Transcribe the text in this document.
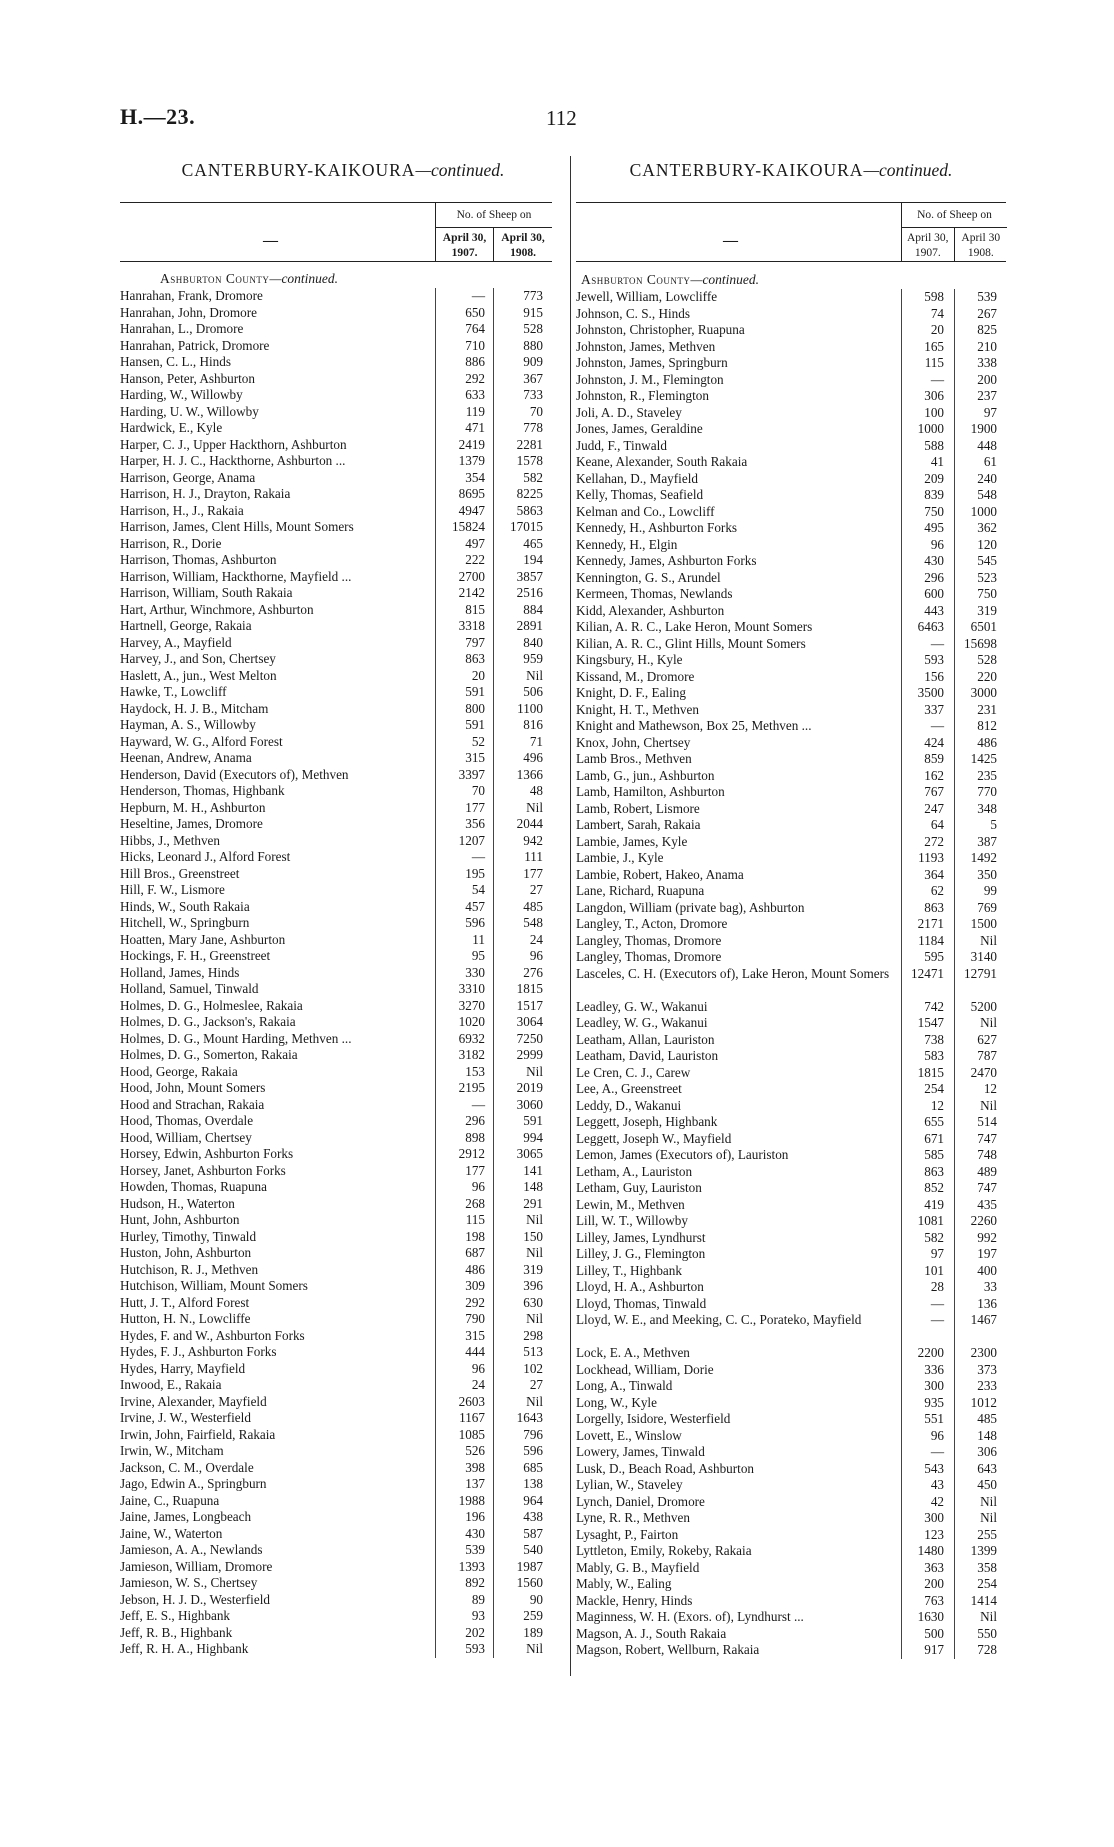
H.—23.	112
CANTERBURY-KAIKOURA—continued.
—
No. of Sheep on
April 30, 1907.
April 30, 1908.
Ashburton County—continued.
Hanrahan, Frank, Dromore	—	773
Hanrahan, John, Dromore	650	915
Hanrahan, L., Dromore	764	528
Hanrahan, Patrick, Dromore	710	880
Hansen, C. L., Hinds	886	909
Hanson, Peter, Ashburton	292	367
Harding, W., Willowby	633	733
Harding, U. W., Willowby	119	70
Hardwick, E., Kyle	471	778
Harper, C. J., Upper Hackthorn, Ashburton	2419	2281
Harper, H. J. C., Hackthorne, Ashburton ...	1379	1578
Harrison, George, Anama	354	582
Harrison, H. J., Drayton, Rakaia	8695	8225
Harrison, H., J., Rakaia	4947	5863
Harrison, James, Clent Hills, Mount Somers	15824	17015
Harrison, R., Dorie	497	465
Harrison, Thomas, Ashburton	222	194
Harrison, William, Hackthorne, Mayfield ...	2700	3857
Harrison, William, South Rakaia	2142	2516
Hart, Arthur, Winchmore, Ashburton	815	884
Hartnell, George, Rakaia	3318	2891
Harvey, A., Mayfield	797	840
Harvey, J., and Son, Chertsey	863	959
Haslett, A., jun., West Melton	20	Nil
Hawke, T., Lowcliff	591	506
Haydock, H. J. B., Mitcham	800	1100
Hayman, A. S., Willowby	591	816
Hayward, W. G., Alford Forest	52	71
Heenan, Andrew, Anama	315	496
Henderson, David (Executors of), Methven	3397	1366
Henderson, Thomas, Highbank	70	48
Hepburn, M. H., Ashburton	177	Nil
Heseltine, James, Dromore	356	2044
Hibbs, J., Methven	1207	942
Hicks, Leonard J., Alford Forest	—	111
Hill Bros., Greenstreet	195	177
Hill, F. W., Lismore	54	27
Hinds, W., South Rakaia	457	485
Hitchell, W., Springburn	596	548
Hoatten, Mary Jane, Ashburton	11	24
Hockings, F. H., Greenstreet	95	96
Holland, James, Hinds	330	276
Holland, Samuel, Tinwald	3310	1815
Holmes, D. G., Holmeslee, Rakaia	3270	1517
Holmes, D. G., Jackson's, Rakaia	1020	3064
Holmes, D. G., Mount Harding, Methven ...	6932	7250
Holmes, D. G., Somerton, Rakaia	3182	2999
Hood, George, Rakaia	153	Nil
Hood, John, Mount Somers	2195	2019
Hood and Strachan, Rakaia	—	3060
Hood, Thomas, Overdale	296	591
Hood, William, Chertsey	898	994
Horsey, Edwin, Ashburton Forks	2912	3065
Horsey, Janet, Ashburton Forks	177	141
Howden, Thomas, Ruapuna	96	148
Hudson, H., Waterton	268	291
Hunt, John, Ashburton	115	Nil
Hurley, Timothy, Tinwald	198	150
Huston, John, Ashburton	687	Nil
Hutchison, R. J., Methven	486	319
Hutchison, William, Mount Somers	309	396
Hutt, J. T., Alford Forest	292	630
Hutton, H. N., Lowcliffe	790	Nil
Hydes, F. and W., Ashburton Forks	315	298
Hydes, F. J., Ashburton Forks	444	513
Hydes, Harry, Mayfield	96	102
Inwood, E., Rakaia	24	27
Irvine, Alexander, Mayfield	2603	Nil
Irvine, J. W., Westerfield	1167	1643
Irwin, John, Fairfield, Rakaia	1085	796
Irwin, W., Mitcham	526	596
Jackson, C. M., Overdale	398	685
Jago, Edwin A., Springburn	137	138
Jaine, C., Ruapuna	1988	964
Jaine, James, Longbeach	196	438
Jaine, W., Waterton	430	587
Jamieson, A. A., Newlands	539	540
Jamieson, William, Dromore	1393	1987
Jamieson, W. S., Chertsey	892	1560
Jebson, H. J. D., Westerfield	89	90
Jeff, E. S., Highbank	93	259
Jeff, R. B., Highbank	202	189
Jeff, R. H. A., Highbank	593	Nil
CANTERBURY-KAIKOURA—continued.
—
No. of Sheep on
April 30, 1907.
April 30 1908.
Ashburton County—continued.
Jewell, William, Lowcliffe	598	539
Johnson, C. S., Hinds	74	267
Johnston, Christopher, Ruapuna	20	825
Johnston, James, Methven	165	210
Johnston, James, Springburn	115	338
Johnston, J. M., Flemington	—	200
Johnston, R., Flemington	306	237
Joli, A. D., Staveley	100	97
Jones, James, Geraldine	1000	1900
Judd, F., Tinwald	588	448
Keane, Alexander, South Rakaia	41	61
Kellahan, D., Mayfield	209	240
Kelly, Thomas, Seafield	839	548
Kelman and Co., Lowcliff	750	1000
Kennedy, H., Ashburton Forks	495	362
Kennedy, H., Elgin	96	120
Kennedy, James, Ashburton Forks	430	545
Kennington, G. S., Arundel	296	523
Kermeen, Thomas, Newlands	600	750
Kidd, Alexander, Ashburton	443	319
Kilian, A. R. C., Lake Heron, Mount Somers	6463	6501
Kilian, A. R. C., Glint Hills, Mount Somers	—	15698
Kingsbury, H., Kyle	593	528
Kissand, M., Dromore	156	220
Knight, D. F., Ealing	3500	3000
Knight, H. T., Methven	337	231
Knight and Mathewson, Box 25, Methven ...	—	812
Knox, John, Chertsey	424	486
Lamb Bros., Methven	859	1425
Lamb, G., jun., Ashburton	162	235
Lamb, Hamilton, Ashburton	767	770
Lamb, Robert, Lismore	247	348
Lambert, Sarah, Rakaia	64	5
Lambie, James, Kyle	272	387
Lambie, J., Kyle	1193	1492
Lambie, Robert, Hakeo, Anama	364	350
Lane, Richard, Ruapuna	62	99
Langdon, William (private bag), Ashburton	863	769
Langley, T., Acton, Dromore	2171	1500
Langley, Thomas, Dromore	1184	Nil
Langley, Thomas, Dromore	595	3140
Lasceles, C. H. (Executors of), Lake Heron, Mount Somers	12471	12791
Leadley, G. W., Wakanui	742	5200
Leadley, W. G., Wakanui	1547	Nil
Leatham, Allan, Lauriston	738	627
Leatham, David, Lauriston	583	787
Le Cren, C. J., Carew	1815	2470
Lee, A., Greenstreet	254	12
Leddy, D., Wakanui	12	Nil
Leggett, Joseph, Highbank	655	514
Leggett, Joseph W., Mayfield	671	747
Lemon, James (Executors of), Lauriston	585	748
Letham, A., Lauriston	863	489
Letham, Guy, Lauriston	852	747
Lewin, M., Methven	419	435
Lill, W. T., Willowby	1081	2260
Lilley, James, Lyndhurst	582	992
Lilley, J. G., Flemington	97	197
Lilley, T., Highbank	101	400
Lloyd, H. A., Ashburton	28	33
Lloyd, Thomas, Tinwald	—	136
Lloyd, W. E., and Meeking, C. C., Porateko, Mayfield	—	1467
Lock, E. A., Methven	2200	2300
Lockhead, William, Dorie	336	373
Long, A., Tinwald	300	233
Long, W., Kyle	935	1012
Lorgelly, Isidore, Westerfield	551	485
Lovett, E., Winslow	96	148
Lowery, James, Tinwald	—	306
Lusk, D., Beach Road, Ashburton	543	643
Lylian, W., Staveley	43	450
Lynch, Daniel, Dromore	42	Nil
Lyne, R. R., Methven	300	Nil
Lysaght, P., Fairton	123	255
Lyttleton, Emily, Rokeby, Rakaia	1480	1399
Mably, G. B., Mayfield	363	358
Mably, W., Ealing	200	254
Mackle, Henry, Hinds	763	1414
Maginness, W. H. (Exors. of), Lyndhurst ...	1630	Nil
Magson, A. J., South Rakaia	500	550
Magson, Robert, Wellburn, Rakaia	917	728
